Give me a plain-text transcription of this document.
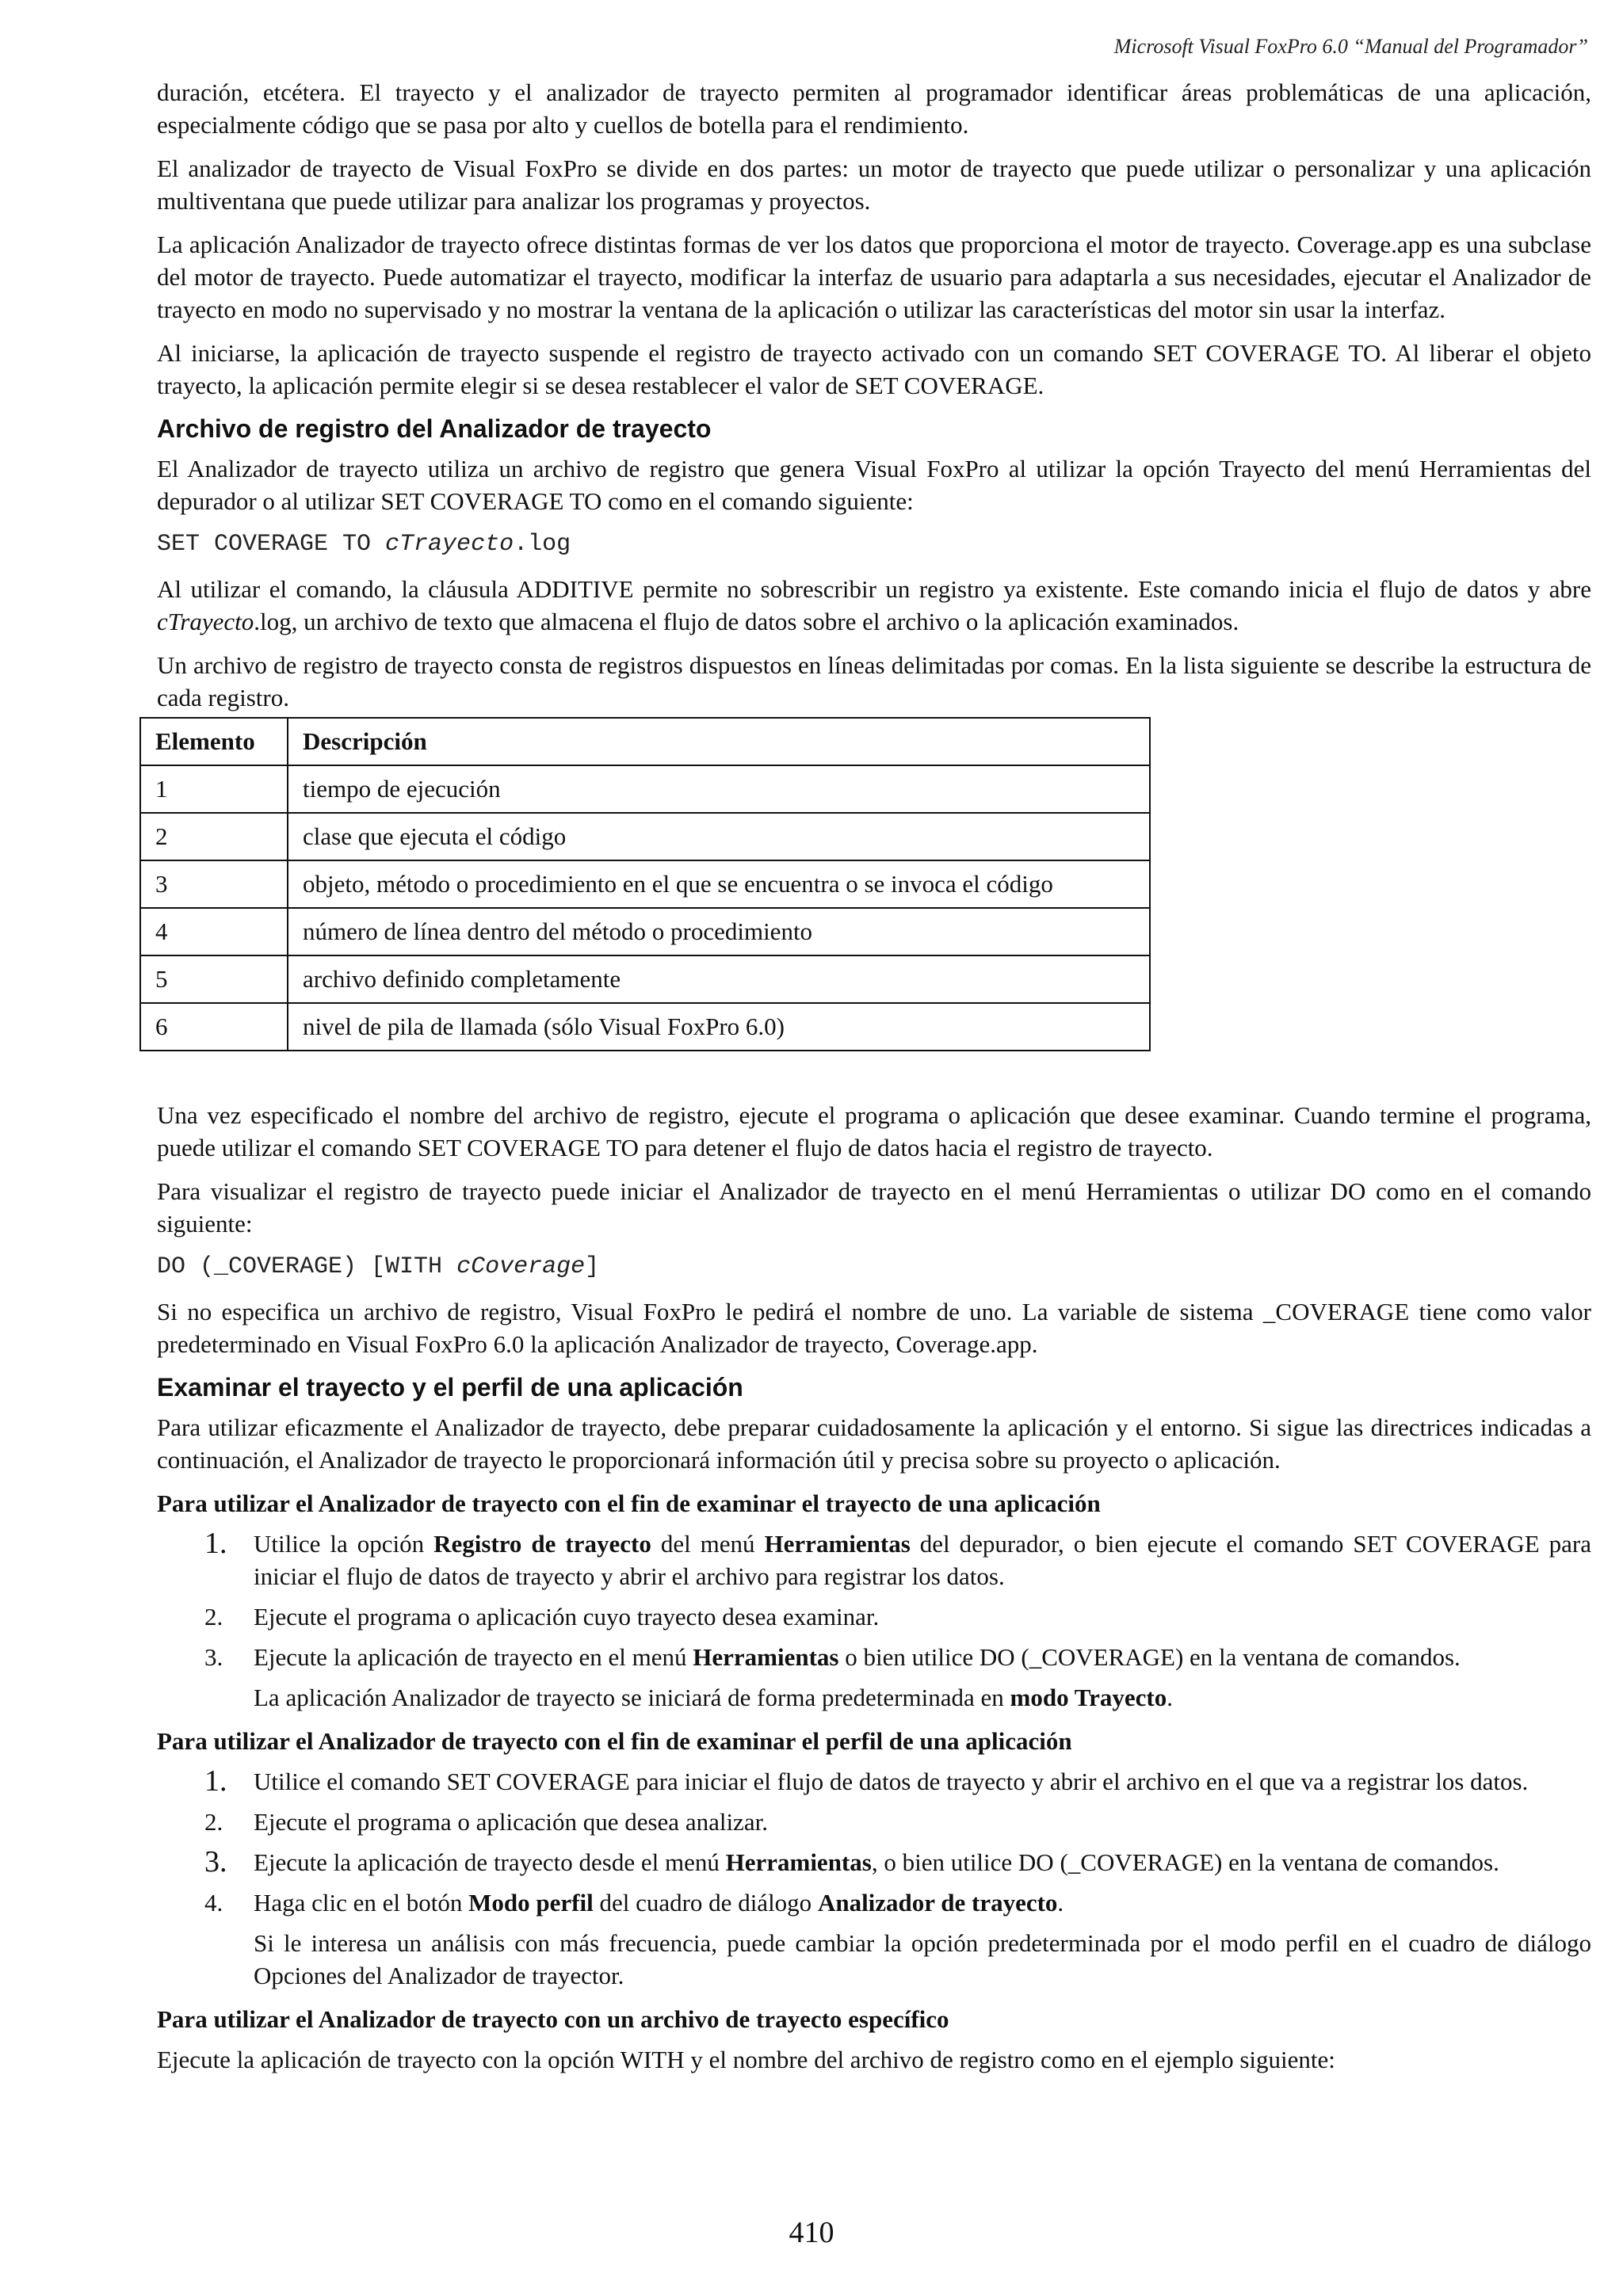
Microsoft Visual FoxPro 6.0 “Manual del Programador”

duración, etcétera. El trayecto y el analizador de trayecto permiten al programador identificar áreas problemáticas de una aplicación, especialmente código que se pasa por alto y cuellos de botella para el rendimiento.

El analizador de trayecto de Visual FoxPro se divide en dos partes: un motor de trayecto que puede utilizar o personalizar y una aplicación multiventana que puede utilizar para analizar los programas y proyectos.

La aplicación Analizador de trayecto ofrece distintas formas de ver los datos que proporciona el motor de trayecto. Coverage.app es una subclase del motor de trayecto. Puede automatizar el trayecto, modificar la interfaz de usuario para adaptarla a sus necesidades, ejecutar el Analizador de trayecto en modo no supervisado y no mostrar la ventana de la aplicación o utilizar las características del motor sin usar la interfaz.

Al iniciarse, la aplicación de trayecto suspende el registro de trayecto activado con un comando SET COVERAGE TO. Al liberar el objeto trayecto, la aplicación permite elegir si se desea restablecer el valor de SET COVERAGE.

Archivo de registro del Analizador de trayecto

El Analizador de trayecto utiliza un archivo de registro que genera Visual FoxPro al utilizar la opción Trayecto del menú Herramientas del depurador o al utilizar SET COVERAGE TO como en el comando siguiente:

SET COVERAGE TO cTrayecto.log

Al utilizar el comando, la cláusula ADDITIVE permite no sobrescribir un registro ya existente. Este comando inicia el flujo de datos y abre cTrayecto.log, un archivo de texto que almacena el flujo de datos sobre el archivo o la aplicación examinados.

Un archivo de registro de trayecto consta de registros dispuestos en líneas delimitadas por comas. En la lista siguiente se describe la estructura de cada registro.

Elemento	Descripción
1	tiempo de ejecución
2	clase que ejecuta el código
3	objeto, método o procedimiento en el que se encuentra o se invoca el código
4	número de línea dentro del método o procedimiento
5	archivo definido completamente
6	nivel de pila de llamada (sólo Visual FoxPro 6.0)

Una vez especificado el nombre del archivo de registro, ejecute el programa o aplicación que desee examinar. Cuando termine el programa, puede utilizar el comando SET COVERAGE TO para detener el flujo de datos hacia el registro de trayecto.

Para visualizar el registro de trayecto puede iniciar el Analizador de trayecto en el menú Herramientas o utilizar DO como en el comando siguiente:

DO (_COVERAGE) [WITH cCoverage]

Si no especifica un archivo de registro, Visual FoxPro le pedirá el nombre de uno. La variable de sistema _COVERAGE tiene como valor predeterminado en Visual FoxPro 6.0 la aplicación Analizador de trayecto, Coverage.app.

Examinar el trayecto y el perfil de una aplicación

Para utilizar eficazmente el Analizador de trayecto, debe preparar cuidadosamente la aplicación y el entorno. Si sigue las directrices indicadas a continuación, el Analizador de trayecto le proporcionará información útil y precisa sobre su proyecto o aplicación.

Para utilizar el Analizador de trayecto con el fin de examinar el trayecto de una aplicación
1.	Utilice la opción Registro de trayecto del menú Herramientas del depurador, o bien ejecute el comando SET COVERAGE para iniciar el flujo de datos de trayecto y abrir el archivo para registrar los datos.
2.	Ejecute el programa o aplicación cuyo trayecto desea examinar.
3.	Ejecute la aplicación de trayecto en el menú Herramientas o bien utilice DO (_COVERAGE) en la ventana de comandos.

La aplicación Analizador de trayecto se iniciará de forma predeterminada en modo Trayecto.

Para utilizar el Analizador de trayecto con el fin de examinar el perfil de una aplicación
1.	Utilice el comando SET COVERAGE para iniciar el flujo de datos de trayecto y abrir el archivo en el que va a registrar los datos.
2.	Ejecute el programa o aplicación que desea analizar.
3.	Ejecute la aplicación de trayecto desde el menú Herramientas, o bien utilice DO (_COVERAGE) en la ventana de comandos.
4.	Haga clic en el botón Modo perfil del cuadro de diálogo Analizador de trayecto.

Si le interesa un análisis con más frecuencia, puede cambiar la opción predeterminada por el modo perfil en el cuadro de diálogo Opciones del Analizador de trayector.

Para utilizar el Analizador de trayecto con un archivo de trayecto específico

Ejecute la aplicación de trayecto con la opción WITH y el nombre del archivo de registro como en el ejemplo siguiente:

410
